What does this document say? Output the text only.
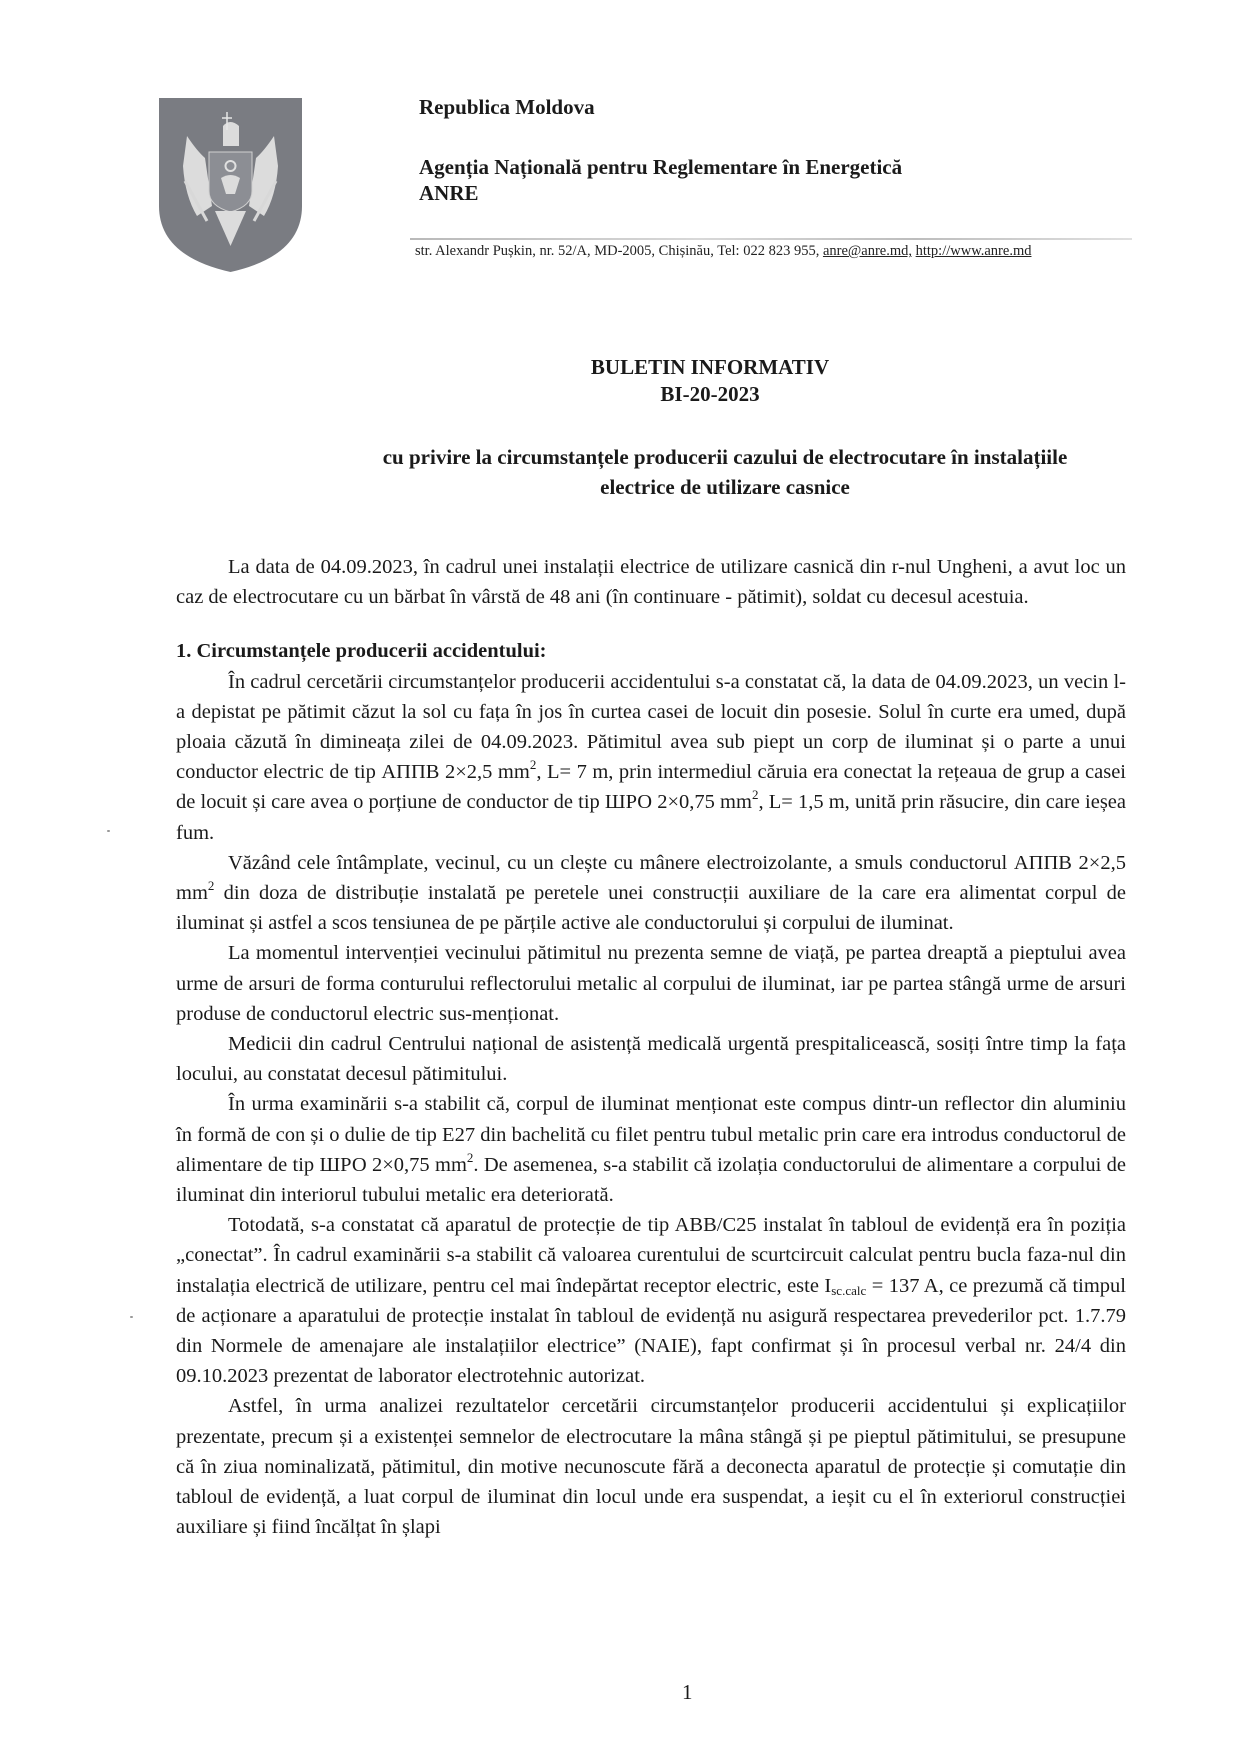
Republica Moldova
Agenția Națională pentru Reglementare în Energetică
ANRE
str. Alexandr Pușkin, nr. 52/A, MD-2005, Chișinău, Tel: 022 823 955, anre@anre.md, http://www.anre.md
BULETIN INFORMATIV
BI-20-2023
cu privire la circumstanțele producerii cazului de electrocutare în instalațiile
electrice de utilizare casnice

La data de 04.09.2023, în cadrul unei instalații electrice de utilizare casnică din r-nul Ungheni, a avut loc un caz de electrocutare cu un bărbat în vârstă de 48 ani (în continuare - pătimit), soldat cu decesul acestuia.

1. Circumstanțele producerii accidentului:

În cadrul cercetării circumstanțelor producerii accidentului s-a constatat că, la data de 04.09.2023, un vecin l-a depistat pe pătimit căzut la sol cu fața în jos în curtea casei de locuit din posesie. Solul în curte era umed, după ploaia căzută în dimineața zilei de 04.09.2023. Pătimitul avea sub piept un corp de iluminat și o parte a unui conductor electric de tip АППВ 2×2,5 $mm^2$, L= 7 m, prin intermediul căruia era conectat la rețeaua de grup a casei de locuit și care avea o porțiune de conductor de tip ШРО 2×0,75 $mm^2$, L= 1,5 m, unită prin răsucire, din care ieșea fum.

Văzând cele întâmplate, vecinul, cu un clește cu mânere electroizolante, a smuls conductorul АППВ 2×2,5 $mm^2$ din doza de distribuție instalată pe peretele unei construcții auxiliare de la care era alimentat corpul de iluminat și astfel a scos tensiunea de pe părțile active ale conductorului și corpului de iluminat.

La momentul intervenției vecinului pătimitul nu prezenta semne de viață, pe partea dreaptă a pieptului avea urme de arsuri de forma conturului reflectorului metalic al corpului de iluminat, iar pe partea stângă urme de arsuri produse de conductorul electric sus-menționat.

Medicii din cadrul Centrului național de asistență medicală urgentă prespitalicească, sosiți între timp la fața locului, au constatat decesul pătimitului.

În urma examinării s-a stabilit că, corpul de iluminat menționat este compus dintr-un reflector din aluminiu în formă de con și o dulie de tip E27 din bachelită cu filet pentru tubul metalic prin care era introdus conductorul de alimentare de tip ШРО 2×0,75 $mm^2$. De asemenea, s-a stabilit că izolația conductorului de alimentare a corpului de iluminat din interiorul tubului metalic era deteriorată.

Totodată, s-a constatat că aparatul de protecție de tip ABB/C25 instalat în tabloul de evidență era în poziția „conectat”. În cadrul examinării s-a stabilit că valoarea curentului de scurtcircuit calculat pentru bucla faza-nul din instalația electrică de utilizare, pentru cel mai îndepărtat receptor electric, este $I_{sc.calc} = 137$ A, ce prezumă că timpul de acționare a aparatului de protecție instalat în tabloul de evidență nu asigură respectarea prevederilor pct. 1.7.79 din Normele de amenajare ale instalațiilor electrice” (NAIE), fapt confirmat și în procesul verbal nr. 24/4 din 09.10.2023 prezentat de laborator electrotehnic autorizat.

Astfel, în urma analizei rezultatelor cercetării circumstanțelor producerii accidentului și explicațiilor prezentate, precum și a existenței semnelor de electrocutare la mâna stângă și pe pieptul pătimitului, se presupune că în ziua nominalizată, pătimitul, din motive necunoscute fără a deconecta aparatul de protecție și comutație din tabloul de evidență, a luat corpul de iluminat din locul unde era suspendat, a ieșit cu el în exteriorul construcției auxiliare și fiind încălțat în șlapi

1
